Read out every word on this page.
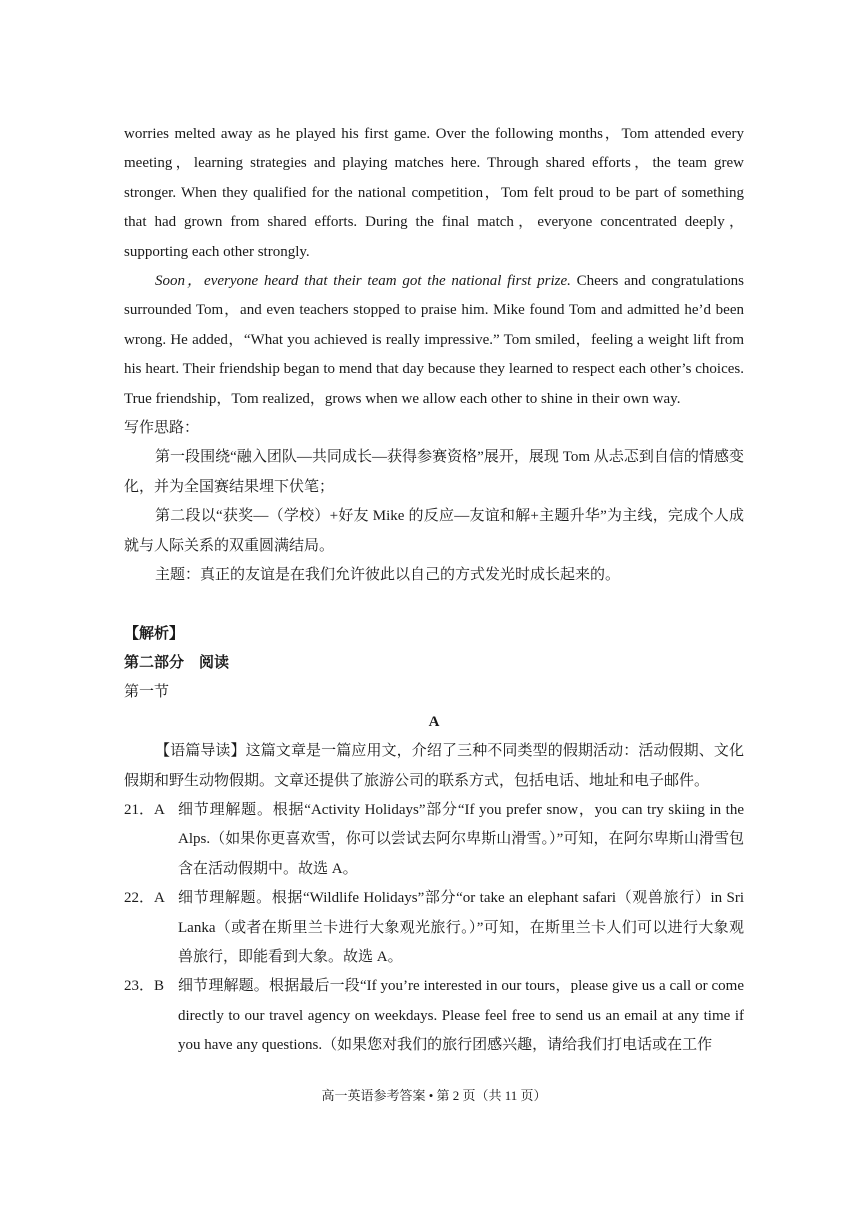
worries melted away as he played his first game. Over the following months，Tom attended every meeting，learning strategies and playing matches here. Through shared efforts，the team grew stronger. When they qualified for the national competition，Tom felt proud to be part of something that had grown from shared efforts. During the final match，everyone concentrated deeply，supporting each other strongly.

Soon，everyone heard that their team got the national first prize. Cheers and congratulations surrounded Tom，and even teachers stopped to praise him. Mike found Tom and admitted he’d been wrong. He added，“What you achieved is really impressive.” Tom smiled，feeling a weight lift from his heart. Their friendship began to mend that day because they learned to respect each other’s choices. True friendship，Tom realized，grows when we allow each other to shine in their own way.

写作思路：

第一段围绕“融入团队—共同成长—获得参赛资格”展开，展现 Tom 从忐忑到自信的情感变化，并为全国赛结果埋下伏笔；

第二段以“获奖—（学校）+好友 Mike 的反应—友谊和解+主题升华”为主线，完成个人成就与人际关系的双重圆满结局。

主题：真正的友谊是在我们允许彼此以自己的方式发光时成长起来的。

【解析】

第二部分　阅读

第一节

A

【语篇导读】这篇文章是一篇应用文，介绍了三种不同类型的假期活动：活动假期、文化假期和野生动物假期。文章还提供了旅游公司的联系方式，包括电话、地址和电子邮件。

21．A 细节理解题。根据“Activity Holidays”部分“If you prefer snow，you can try skiing in the Alps.（如果你更喜欢雪，你可以尝试去阿尔卑斯山滑雪。）”可知，在阿尔卑斯山滑雪包含在活动假期中。故选 A。

22．A 细节理解题。根据“Wildlife Holidays”部分“or take an elephant safari（观兽旅行）in Sri Lanka（或者在斯里兰卡进行大象观光旅行。）”可知，在斯里兰卡人们可以进行大象观兽旅行，即能看到大象。故选 A。

23．B 细节理解题。根据最后一段“If you’re interested in our tours，please give us a call or come directly to our travel agency on weekdays. Please feel free to send us an email at any time if you have any questions.（如果您对我们的旅行团感兴趣，请给我们打电话或在工作

高一英语参考答案 • 第 2 页（共 11 页）
